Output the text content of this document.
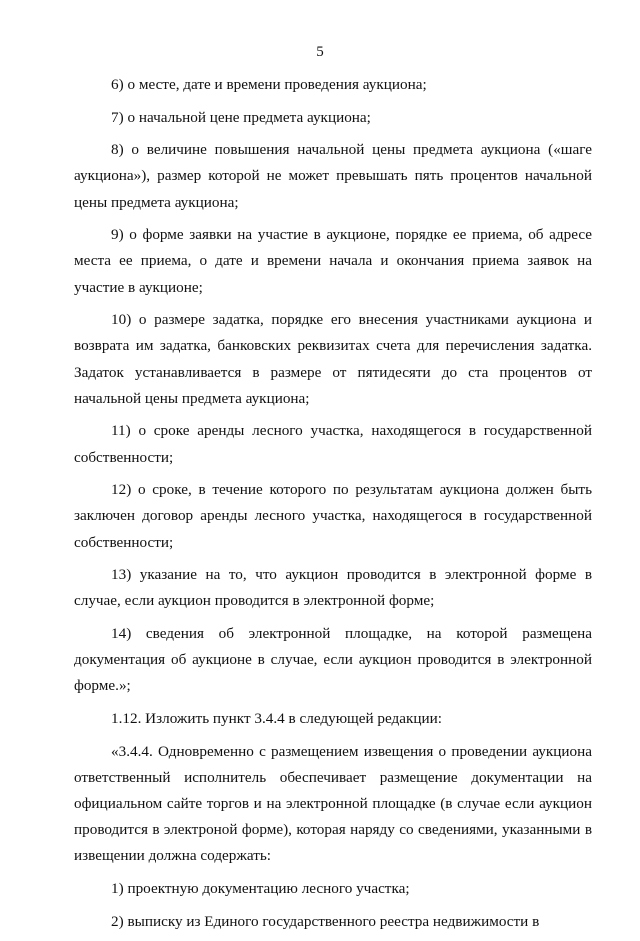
5

6) о месте, дате и времени проведения аукциона;

7) о начальной цене предмета аукциона;

8) о величине повышения начальной цены предмета аукциона («шаге аукциона»), размер которой не может превышать пять процентов начальной цены предмета аукциона;

9) о форме заявки на участие в аукционе, порядке ее приема, об адресе места ее приема, о дате и времени начала и окончания приема заявок на участие в аукционе;

10) о размере задатка, порядке его внесения участниками аукциона и возврата им задатка, банковских реквизитах счета для перечисления задатка. Задаток устанавливается в размере от пятидесяти до ста процентов от начальной цены предмета аукциона;

11) о сроке аренды лесного участка, находящегося в государственной собственности;

12) о сроке, в течение которого по результатам аукциона должен быть заключен договор аренды лесного участка, находящегося в государственной собственности;

13) указание на то, что аукцион проводится в электронной форме в случае, если аукцион проводится в электронной форме;

14) сведения об электронной площадке, на которой размещена документация об аукционе в случае, если аукцион проводится в электронной форме.»;

1.12. Изложить пункт 3.4.4 в следующей редакции:

«3.4.4. Одновременно с размещением извещения о проведении аукциона ответственный исполнитель обеспечивает размещение документации на официальном сайте торгов и на электронной площадке (в случае если аукцион проводится в электроной форме), которая наряду со сведениями, указанными в извещении должна содержать:

1) проектную документацию лесного участка;

2) выписку из Единого государственного реестра недвижимости в
